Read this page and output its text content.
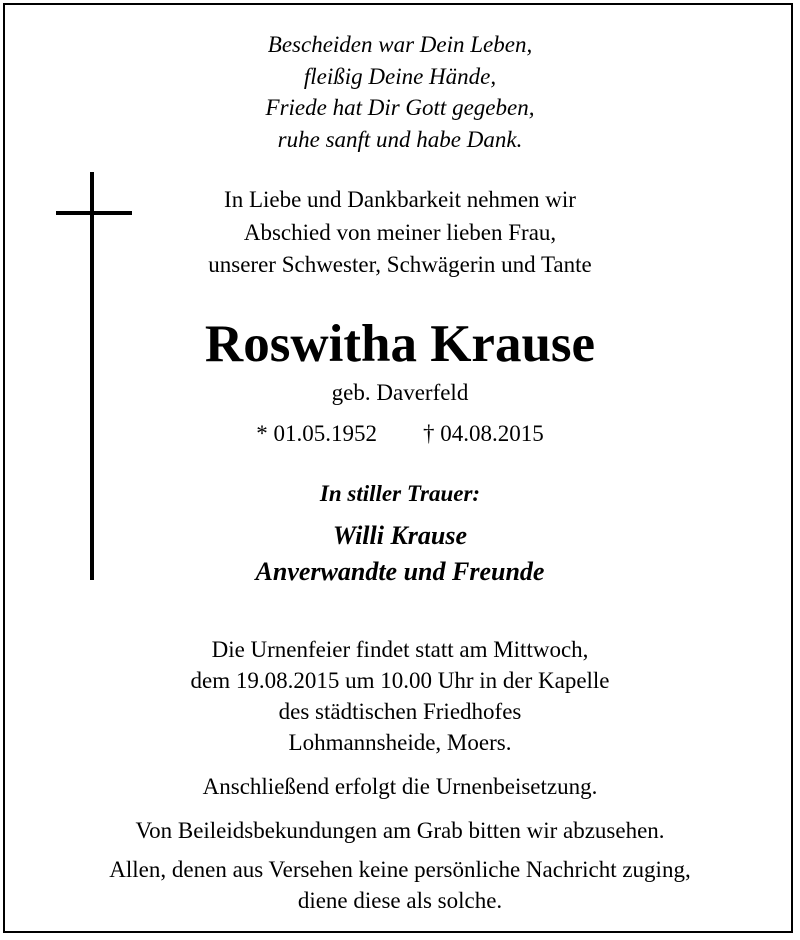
Bescheiden war Dein Leben,
fleißig Deine Hände,
Friede hat Dir Gott gegeben,
ruhe sanft und habe Dank.
In Liebe und Dankbarkeit nehmen wir
Abschied von meiner lieben Frau,
unserer Schwester, Schwägerin und Tante
Roswitha Krause
geb. Daverfeld
* 01.05.1952 † 04.08.2015
In stiller Trauer:
Willi Krause
Anverwandte und Freunde
Die Urnenfeier findet statt am Mittwoch,
dem 19.08.2015 um 10.00 Uhr in der Kapelle
des städtischen Friedhofes
Lohmannsheide, Moers.
Anschließend erfolgt die Urnenbeisetzung.
Von Beileidsbekundungen am Grab bitten wir abzusehen.
Allen, denen aus Versehen keine persönliche Nachricht zuging,
diene diese als solche.
